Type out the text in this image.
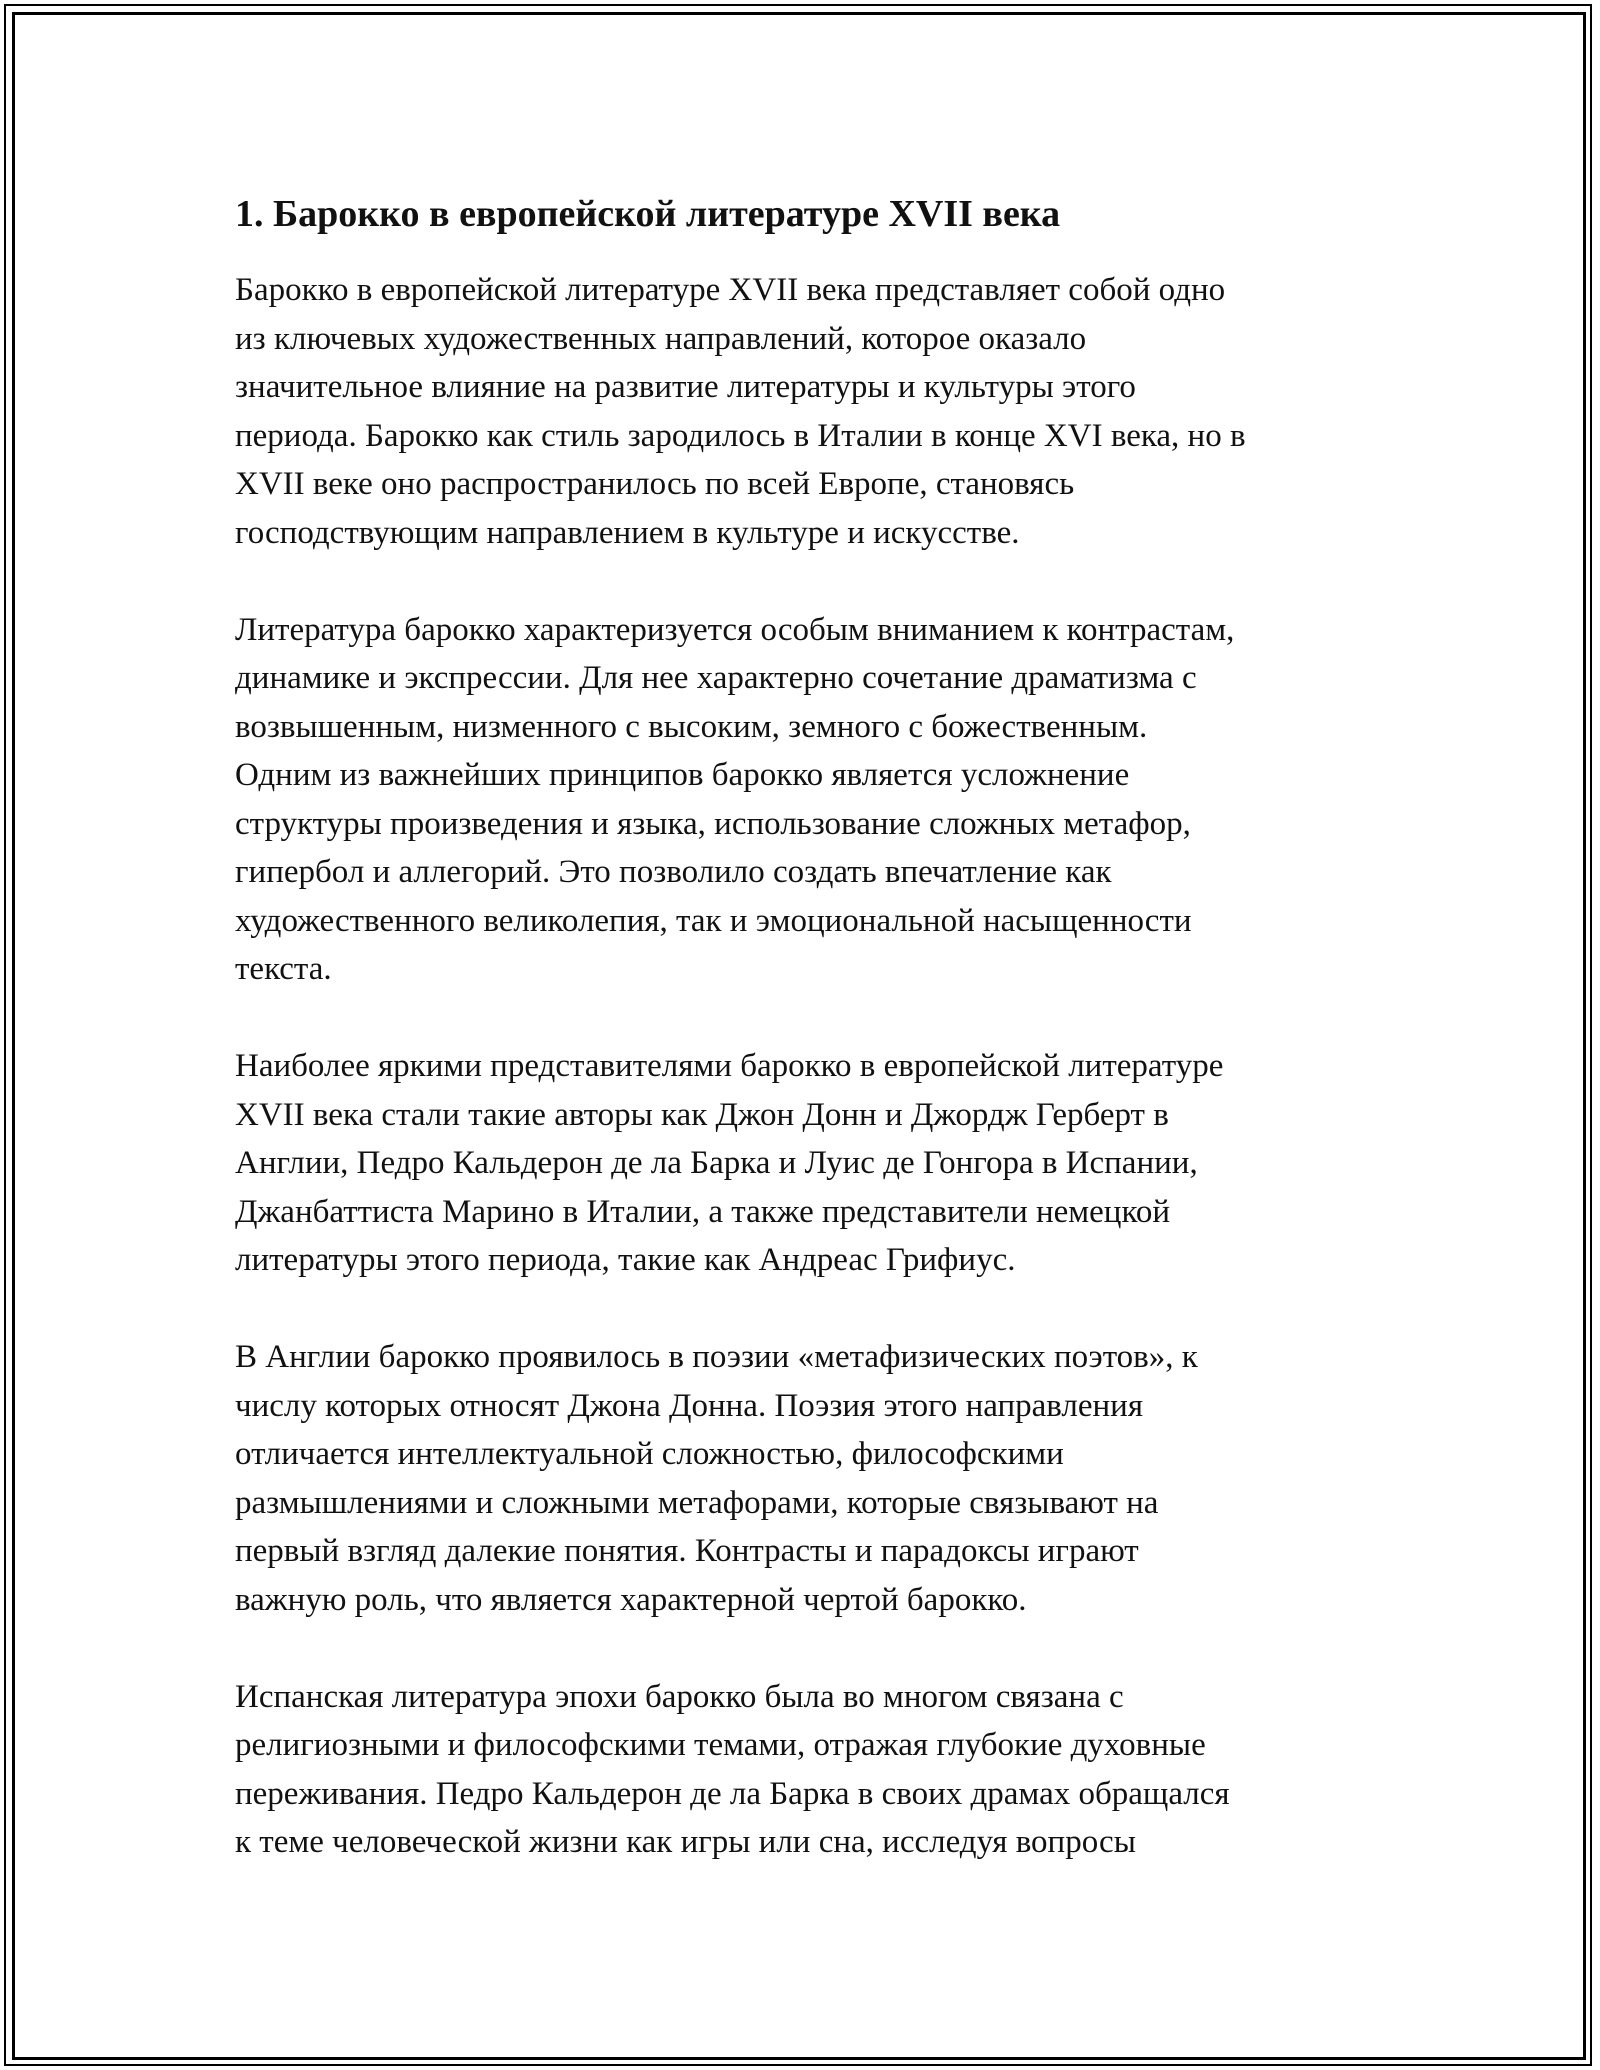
1. Барокко в европейской литературе XVII века

Барокко в европейской литературе XVII века представляет собой одно
из ключевых художественных направлений, которое оказало
значительное влияние на развитие литературы и культуры этого
периода. Барокко как стиль зародилось в Италии в конце XVI века, но в
XVII веке оно распространилось по всей Европе, становясь
господствующим направлением в культуре и искусстве.

Литература барокко характеризуется особым вниманием к контрастам,
динамике и экспрессии. Для нее характерно сочетание драматизма с
возвышенным, низменного с высоким, земного с божественным.
Одним из важнейших принципов барокко является усложнение
структуры произведения и языка, использование сложных метафор,
гипербол и аллегорий. Это позволило создать впечатление как
художественного великолепия, так и эмоциональной насыщенности
текста.

Наиболее яркими представителями барокко в европейской литературе
XVII века стали такие авторы как Джон Донн и Джордж Герберт в
Англии, Педро Кальдерон де ла Барка и Луис де Гонгора в Испании,
Джанбаттиста Марино в Италии, а также представители немецкой
литературы этого периода, такие как Андреас Грифиус.

В Англии барокко проявилось в поэзии «метафизических поэтов», к
числу которых относят Джона Донна. Поэзия этого направления
отличается интеллектуальной сложностью, философскими
размышлениями и сложными метафорами, которые связывают на
первый взгляд далекие понятия. Контрасты и парадоксы играют
важную роль, что является характерной чертой барокко.

Испанская литература эпохи барокко была во многом связана с
религиозными и философскими темами, отражая глубокие духовные
переживания. Педро Кальдерон де ла Барка в своих драмах обращался
к теме человеческой жизни как игры или сна, исследуя вопросы
